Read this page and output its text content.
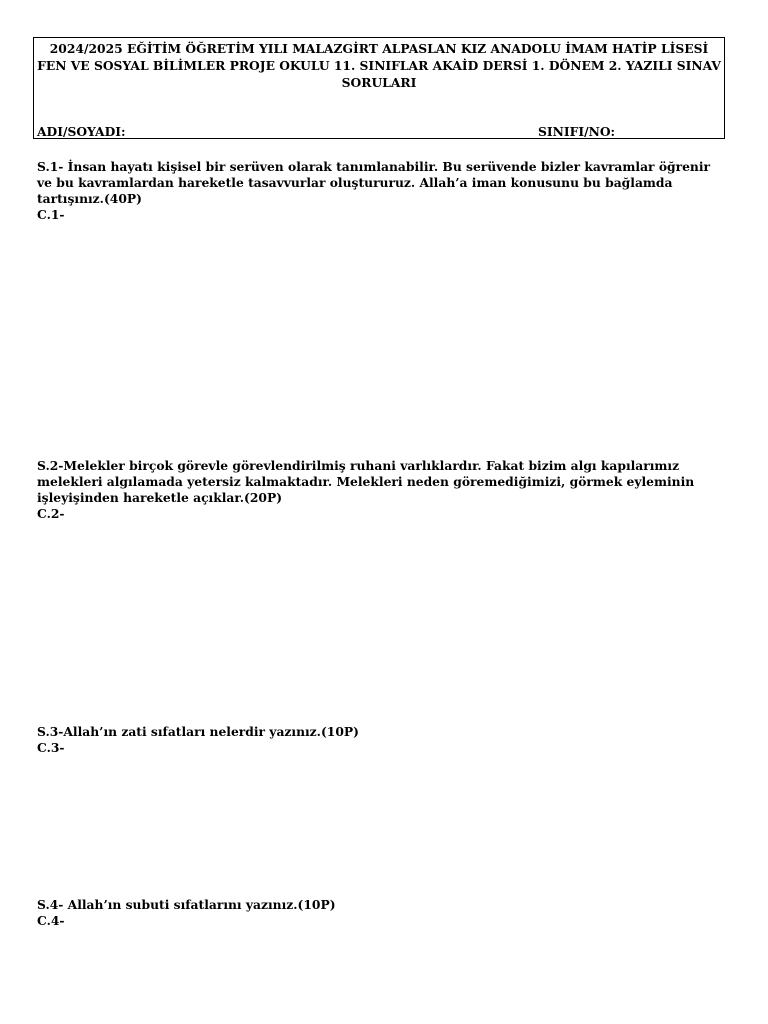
2024/2025 EĞİTİM ÖĞRETİM YILI MALAZGİRT ALPASLAN KIZ ANADOLU İMAM HATİP LİSESİ
FEN VE SOSYAL BİLİMLER PROJE OKULU 11. SINIFLAR AKAİD DERSİ 1. DÖNEM 2. YAZILI SINAV
SORULARI
ADI/SOYADI:	SINIFI/NO:
S.1- İnsan hayatı kişisel bir serüven olarak tanımlanabilir. Bu serüvende bizler kavramlar öğrenir ve bu kavramlardan hareketle tasavvurlar oluştururuz. Allah’a iman konusunu bu bağlamda tartışınız.(40P)
C.1-
S.2-Melekler birçok görevle görevlendirilmiş ruhani varlıklardır. Fakat bizim algı kapılarımız melekleri algılamada yetersiz kalmaktadır. Melekleri neden göremediğimizi, görmek eyleminin işleyişinden hareketle açıklar.(20P)
C.2-
S.3-Allah’ın zati sıfatları nelerdir yazınız.(10P)
C.3-
S.4- Allah’ın subuti sıfatlarını yazınız.(10P)
C.4-
